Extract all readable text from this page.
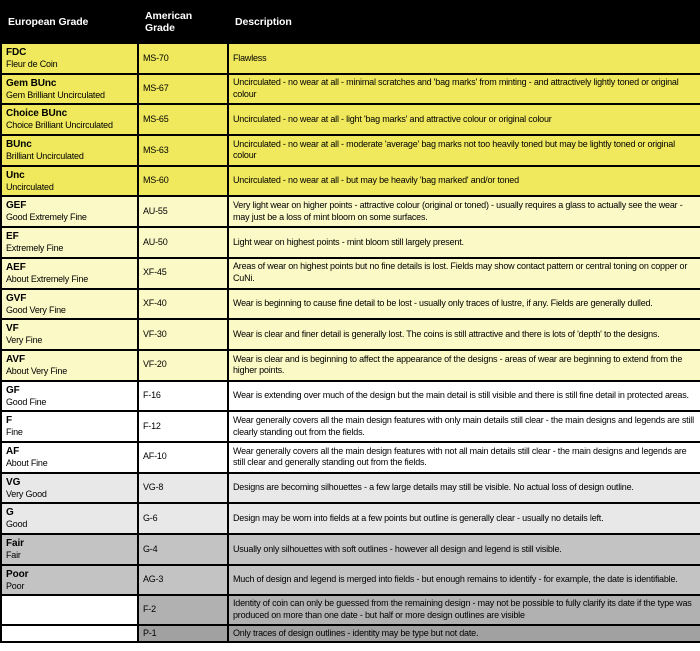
European Grade	American Grade	Description

FDC
Fleur de Coin	MS-70	Flawless

Gem BUnc
Gem Brilliant Uncirculated	MS-67	Uncirculated - no wear at all - minimal scratches and 'bag marks' from minting - and attractively lightly toned or original colour

Choice BUnc
Choice Brilliant Uncirculated	MS-65	Uncirculated - no wear at all - light 'bag marks' and attractive colour or original colour

BUnc
Brilliant Uncirculated	MS-63	Uncirculated - no wear at all - moderate 'average' bag marks not too heavily toned but may be lightly toned or original colour

Unc
Uncirculated	MS-60	Uncirculated - no wear at all - but may be heavily 'bag marked' and/or toned

GEF
Good Extremely Fine	AU-55	Very light wear on higher points - attractive colour (original or toned) - usually requires a glass to actually see the wear - may just be a loss of mint bloom on some surfaces.

EF
Extremely Fine	AU-50	Light wear on highest points - mint bloom still largely present.

AEF
About Extremely Fine	XF-45	Areas of wear on highest points but no fine details is lost. Fields may show contact pattern or central toning on copper or CuNi.

GVF
Good Very Fine	XF-40	Wear is beginning to cause fine detail to be lost - usually only traces of lustre, if any. Fields are generally dulled.

VF
Very Fine	VF-30	Wear is clear and finer detail is generally lost. The coins is still attractive and there is lots of 'depth' to the designs.

AVF
About Very Fine	VF-20	Wear is clear and is beginning to affect the appearance of the designs - areas of wear are beginning to extend from the higher points.

GF
Good Fine	F-16	Wear is extending over much of the design but the main detail is still visible and there is still fine detail in protected areas.

F
Fine	F-12	Wear generally covers all the main design features with only main details still clear - the main designs and legends are still clearly standing out from the fields.

AF
About Fine	AF-10	Wear generally covers all the main design features with not all main details still clear - the main designs and legends are still clear and generally standing out from the fields.

VG
Very Good	VG-8	Designs are becoming silhouettes - a few large details may still be visible. No actual loss of design outline.

G
Good	G-6	Design may be worn into fields at a few points but outline is generally clear - usually no details left.

Fair
Fair	G-4	Usually only silhouettes with soft outlines - however all design and legend is still visible.

Poor
Poor	AG-3	Much of design and legend is merged into fields - but enough remains to identify - for example, the date is identifiable.
	F-2	Identity of coin can only be guessed from the remaining design - may not be possible to fully clarify its date if the type was produced on more than one date - but half or more design outlines are visible
	P-1	Only traces of design outlines - identity may be type but not date.
